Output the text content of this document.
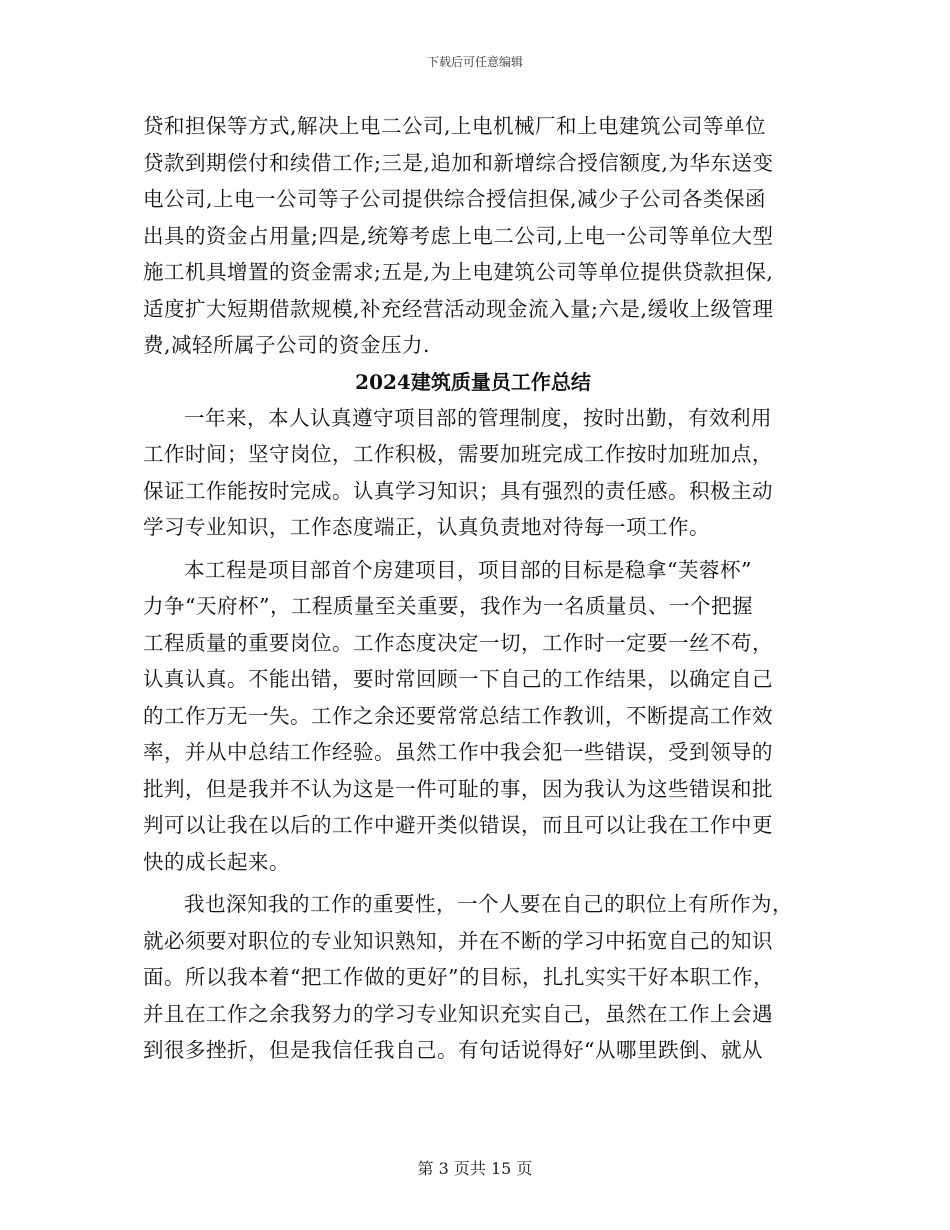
下载后可任意编辑
贷和担保等方式,解决上电二公司,上电机械厂和上电建筑公司等单位
贷款到期偿付和续借工作;三是,追加和新增综合授信额度,为华东送变
电公司,上电一公司等子公司提供综合授信担保,减少子公司各类保函
出具的资金占用量;四是,统筹考虑上电二公司,上电一公司等单位大型
施工机具增置的资金需求;五是,为上电建筑公司等单位提供贷款担保,
适度扩大短期借款规模,补充经营活动现金流入量;六是,缓收上级管理
费,减轻所属子公司的资金压力.
2024建筑质量员工作总结
一年来，本人认真遵守项目部的管理制度，按时出勤，有效利用
工作时间；坚守岗位，工作积极，需要加班完成工作按时加班加点，
保证工作能按时完成。认真学习知识；具有强烈的责任感。积极主动
学习专业知识，工作态度端正，认真负责地对待每一项工作。
本工程是项目部首个房建项目，项目部的目标是稳拿“芙蓉杯”
力争“天府杯”，工程质量至关重要，我作为一名质量员、一个把握
工程质量的重要岗位。工作态度决定一切，工作时一定要一丝不苟，
认真认真。不能出错，要时常回顾一下自己的工作结果，以确定自己
的工作万无一失。工作之余还要常常总结工作教训，不断提高工作效
率，并从中总结工作经验。虽然工作中我会犯一些错误，受到领导的
批判，但是我并不认为这是一件可耻的事，因为我认为这些错误和批
判可以让我在以后的工作中避开类似错误，而且可以让我在工作中更
快的成长起来。
我也深知我的工作的重要性，一个人要在自己的职位上有所作为，
就必须要对职位的专业知识熟知，并在不断的学习中拓宽自己的知识
面。所以我本着“把工作做的更好”的目标，扎扎实实干好本职工作，
并且在工作之余我努力的学习专业知识充实自己，虽然在工作上会遇
到很多挫折，但是我信任我自己。有句话说得好“从哪里跌倒、就从
第 3 页共 15 页
